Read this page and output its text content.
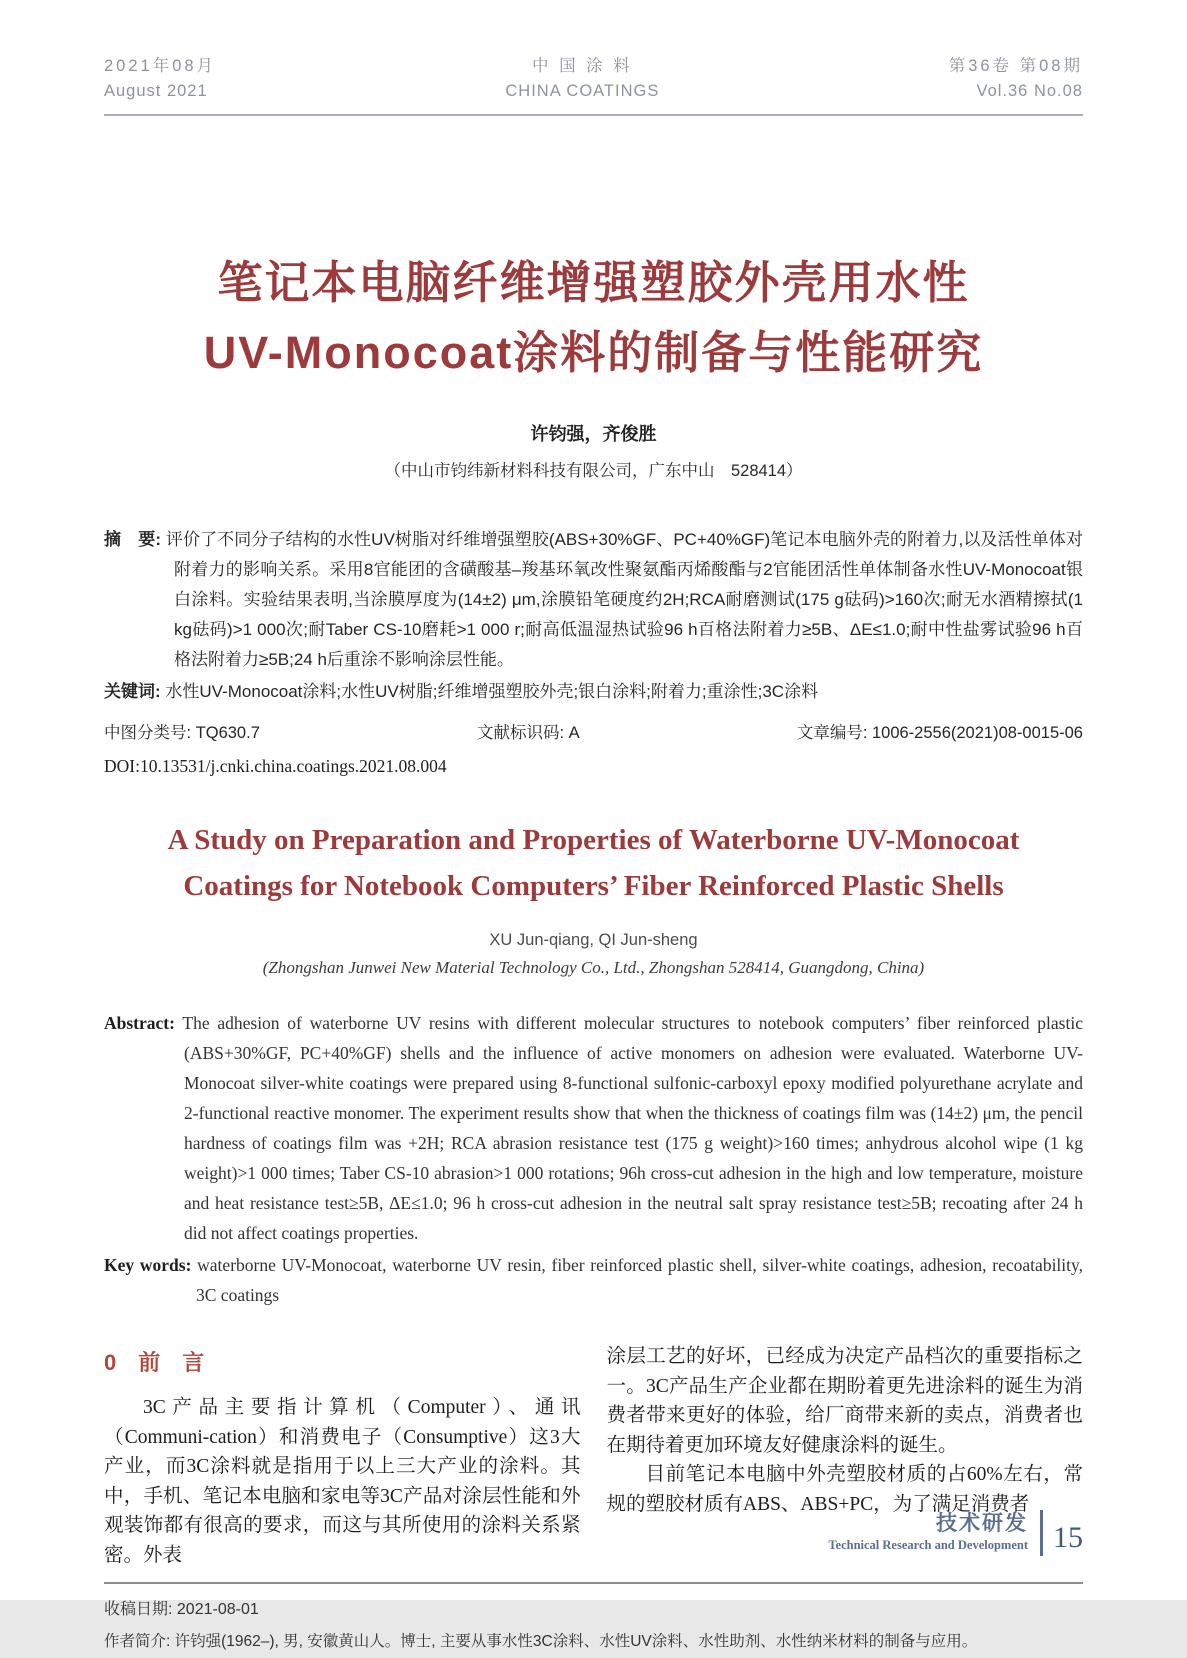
2021年08月
August 2021
中 国 涂 料
CHINA COATINGS
第36卷 第08期
Vol.36 No.08
笔记本电脑纤维增强塑胶外壳用水性
UV-Monocoat涂料的制备与性能研究
许钧强，齐俊胜
（中山市钧纬新材料科技有限公司，广东中山　528414）

摘　要: 评价了不同分子结构的水性UV树脂对纤维增强塑胶(ABS+30%GF、PC+40%GF)笔记本电脑外壳的附着力,以及活性单体对附着力的影响关系。采用8官能团的含磺酸基–羧基环氧改性聚氨酯丙烯酸酯与2官能团活性单体制备水性UV-Monocoat银白涂料。实验结果表明,当涂膜厚度为(14±2) μm,涂膜铅笔硬度约2H;RCA耐磨测试(175 g砝码)>160次;耐无水酒精擦拭(1 kg砝码)>1 000次;耐Taber CS-10磨耗>1 000 r;耐高低温湿热试验96 h百格法附着力≥5B、ΔE≤1.0;耐中性盐雾试验96 h百格法附着力≥5B;24 h后重涂不影响涂层性能。

关键词: 水性UV-Monocoat涂料;水性UV树脂;纤维增强塑胶外壳;银白涂料;附着力;重涂性;3C涂料

中图分类号: TQ630.7	文献标识码: A	文章编号: 1006-2556(2021)08-0015-06
DOI:10.13531/j.cnki.china.coatings.2021.08.004
A Study on Preparation and Properties of Waterborne UV-Monocoat Coatings for Notebook Computers’ Fiber Reinforced Plastic Shells
XU Jun-qiang, QI Jun-sheng
(Zhongshan Junwei New Material Technology Co., Ltd., Zhongshan 528414, Guangdong, China)

Abstract: The adhesion of waterborne UV resins with different molecular structures to notebook computers’ fiber reinforced plastic (ABS+30%GF, PC+40%GF) shells and the influence of active monomers on adhesion were evaluated. Waterborne UV-Monocoat silver-white coatings were prepared using 8-functional sulfonic-carboxyl epoxy modified polyurethane acrylate and 2-functional reactive monomer. The experiment results show that when the thickness of coatings film was (14±2) μm, the pencil hardness of coatings film was +2H; RCA abrasion resistance test (175 g weight)>160 times; anhydrous alcohol wipe (1 kg weight)>1 000 times; Taber CS-10 abrasion>1 000 rotations; 96h cross-cut adhesion in the high and low temperature, moisture and heat resistance test≥5B, ΔE≤1.0; 96 h cross-cut adhesion in the neutral salt spray resistance test≥5B; recoating after 24 h did not affect coatings properties.

Key words: waterborne UV-Monocoat, waterborne UV resin, fiber reinforced plastic shell, silver-white coatings, adhesion, recoatability, 3C coatings

0　前　言

3C产品主要指计算机（Computer）、通讯（Communi-cation）和消费电子（Consumptive）这3大产业，而3C涂料就是指用于以上三大产业的涂料。其中，手机、笔记本电脑和家电等3C产品对涂层性能和外观装饰都有很高的要求，而这与其所使用的涂料关系紧密。外表

涂层工艺的好坏，已经成为决定产品档次的重要指标之一。3C产品生产企业都在期盼着更先进涂料的诞生为消费者带来更好的体验，给厂商带来新的卖点，消费者也在期待着更加环境友好健康涂料的诞生。

目前笔记本电脑中外壳塑胶材质的占60%左右，常规的塑胶材质有ABS、ABS+PC，为了满足消费者

收稿日期: 2021-08-01
作者简介: 许钧强(1962–), 男, 安徽黄山人。博士, 主要从事水性3C涂料、水性UV涂料、水性助剂、水性纳米材料的制备与应用。
技术研发
Technical Research and Development 15
